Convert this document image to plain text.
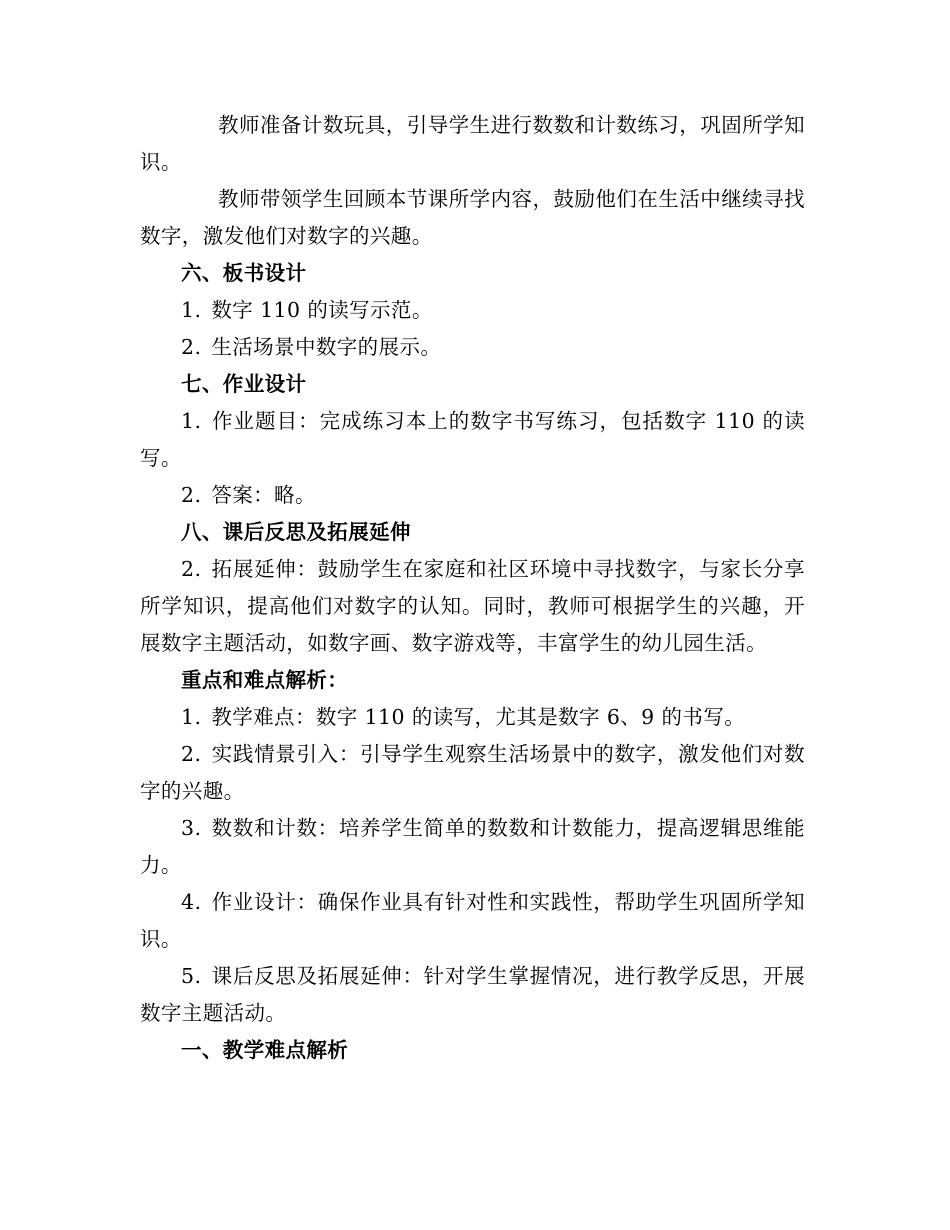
教师准备计数玩具，引导学生进行数数和计数练习，巩固所学知识。

教师带领学生回顾本节课所学内容，鼓励他们在生活中继续寻找数字，激发他们对数字的兴趣。

六、板书设计

1. 数字 110 的读写示范。

2. 生活场景中数字的展示。

七、作业设计

1. 作业题目：完成练习本上的数字书写练习，包括数字 110 的读写。

2. 答案：略。

八、课后反思及拓展延伸

2. 拓展延伸：鼓励学生在家庭和社区环境中寻找数字，与家长分享所学知识，提高他们对数字的认知。同时，教师可根据学生的兴趣，开展数字主题活动，如数字画、数字游戏等，丰富学生的幼儿园生活。

重点和难点解析：

1. 教学难点：数字 110 的读写，尤其是数字 6、9 的书写。

2. 实践情景引入：引导学生观察生活场景中的数字，激发他们对数字的兴趣。

3. 数数和计数：培养学生简单的数数和计数能力，提高逻辑思维能力。

4. 作业设计：确保作业具有针对性和实践性，帮助学生巩固所学知识。

5. 课后反思及拓展延伸：针对学生掌握情况，进行教学反思，开展数字主题活动。

一、教学难点解析
